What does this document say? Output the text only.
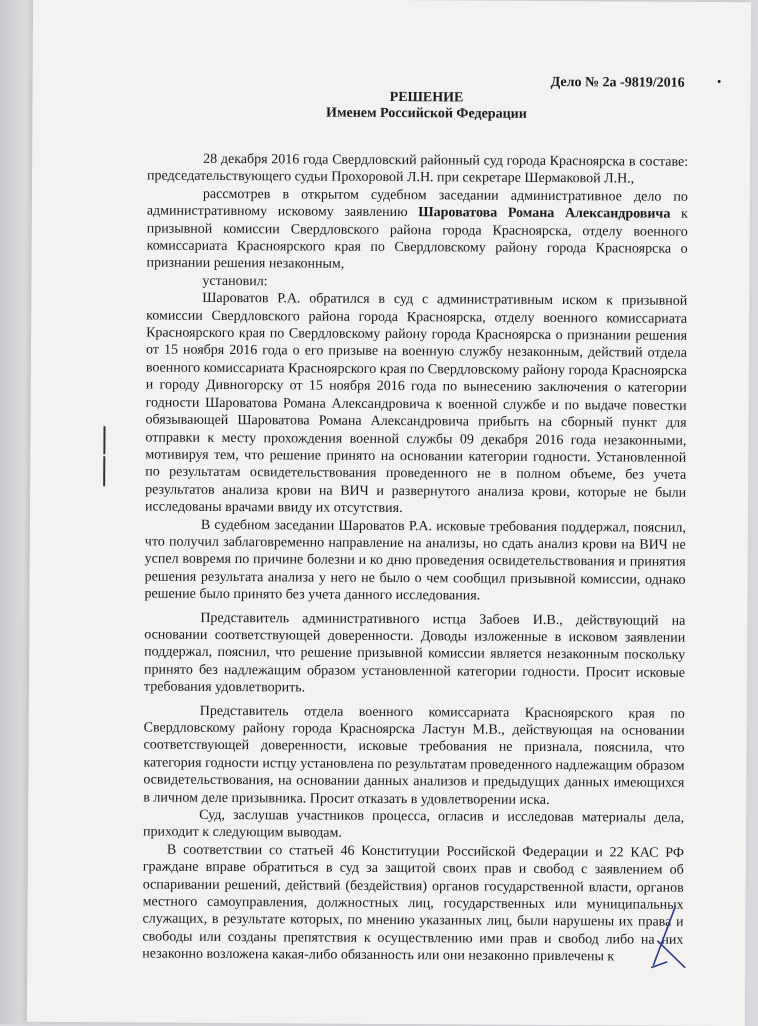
Дело № 2а -9819/2016
РЕШЕНИЕ
Именем Российской Федерации

28 декабря 2016 года Свердловский районный суд города Красноярска в составе: председательствующего судьи Прохоровой Л.Н. при секретаре Шермаковой Л.Н.,

рассмотрев в открытом судебном заседании административное дело по административному исковому заявлению Шароватова Романа Александровича к призывной комиссии Свердловского района города Красноярска, отделу военного комиссариата Красноярского края по Свердловскому району города Красноярска о признании решения незаконным,

установил:

Шароватов Р.А. обратился в суд с административным иском к призывной комиссии Свердловского района города Красноярска, отделу военного комиссариата Красноярского края по Свердловскому району города Красноярска о признании решения от 15 ноября 2016 года о его призыве на военную службу незаконным, действий отдела военного комиссариата Красноярского края по Свердловскому району города Красноярска и городу Дивногорску от 15 ноября 2016 года по вынесению заключения о категории годности Шароватова Романа Александровича к военной службе и по выдаче повестки обязывающей Шароватова Романа Александровича прибыть на сборный пункт для отправки к месту прохождения военной службы 09 декабря 2016 года незаконными, мотивируя тем, что решение принято на основании категории годности. Установленной по результатам освидетельствования проведенного не в полном объеме, без учета результатов анализа крови на ВИЧ и развернутого анализа крови, которые не были исследованы врачами ввиду их отсутствия.

В судебном заседании Шароватов Р.А. исковые требования поддержал, пояснил, что получил заблаговременно направление на анализы, но сдать анализ крови на ВИЧ не успел вовремя по причине болезни и ко дню проведения освидетельствования и принятия решения результата анализа у него не было о чем сообщил призывной комиссии, однако решение было принято без учета данного исследования.

Представитель административного истца Забоев И.В., действующий на основании соответствующей доверенности. Доводы изложенные в исковом заявлении поддержал, пояснил, что решение призывной комиссии является незаконным поскольку принято без надлежащим образом установленной категории годности. Просит исковые требования удовлетворить.

Представитель отдела военного комиссариата Красноярского края по Свердловскому району города Красноярска Ластун М.В., действующая на основании соответствующей доверенности, исковые требования не признала, пояснила, что категория годности истцу установлена по результатам проведенного надлежащим образом освидетельствования, на основании данных анализов и предыдущих данных имеющихся в личном деле призывника. Просит отказать в удовлетворении иска.

Суд, заслушав участников процесса, огласив и исследовав материалы дела, приходит к следующим выводам.

В соответствии со статьей 46 Конституции Российской Федерации и 22 КАС РФ граждане вправе обратиться в суд за защитой своих прав и свобод с заявлением об оспаривании решений, действий (бездействия) органов государственной власти, органов местного самоуправления, должностных лиц, государственных или муниципальных служащих, в результате которых, по мнению указанных лиц, были нарушены их права и свободы или созданы препятствия к осуществлению ими прав и свобод либо на них незаконно возложена какая-либо обязанность или они незаконно привлечены к
